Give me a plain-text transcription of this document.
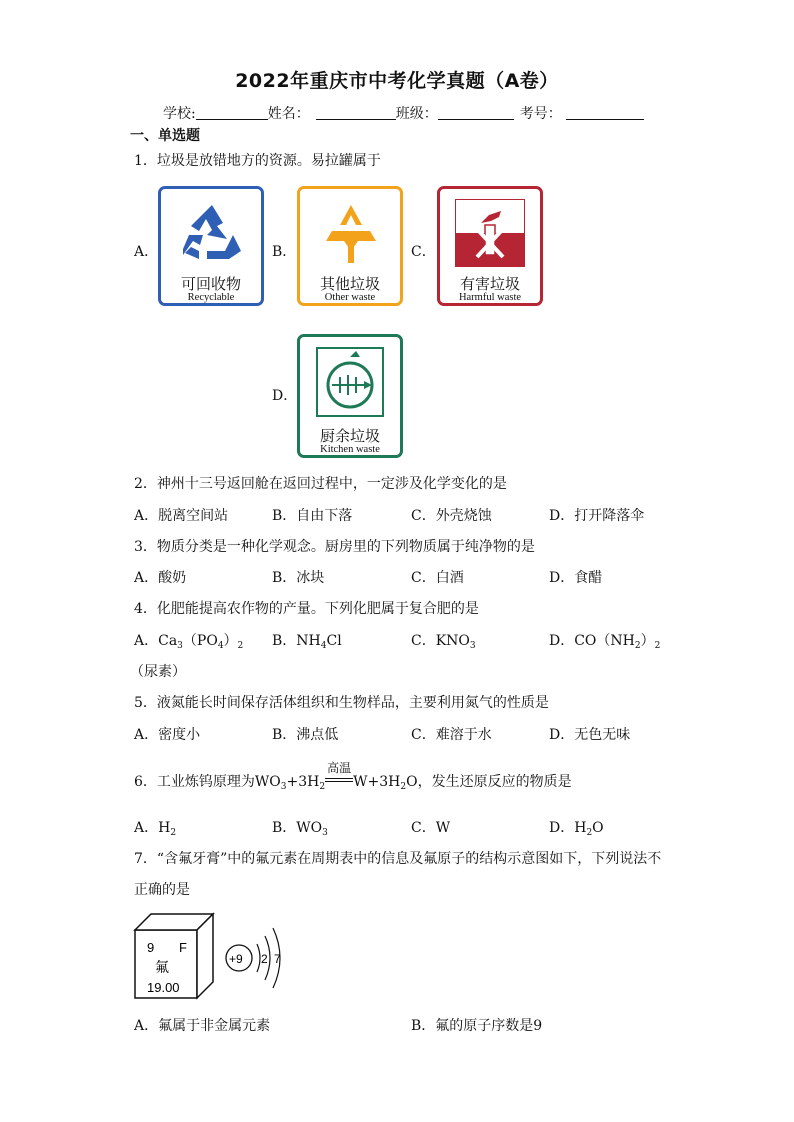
2022年重庆市中考化学真题（A卷）
学校:	姓名：	班级：	考号：
一、单选题
1．垃圾是放错地方的资源。易拉罐属于
A．
可回收物
Recyclable
B．
其他垃圾
Other waste
C．
有害垃圾
Harmful waste
D．
厨余垃圾
Kitchen waste
2．神州十三号返回舱在返回过程中，一定涉及化学变化的是
A．脱离空间站	B．自由下落	C．外壳烧蚀	D．打开降落伞
3．物质分类是一种化学观念。厨房里的下列物质属于纯净物的是
A．酸奶	B．冰块	C．白酒	D．食醋
4．化肥能提高农作物的产量。下列化肥属于复合肥的是
A．$Ca_3(PO_4)_2$ B．$NH_4Cl$	C．$KNO_3$	D．$CO(NH_2)_2$
（尿素）
5．液氮能长时间保存活体组织和生物样品，主要利用氮气的性质是
A．密度小	B．沸点低	C．难溶于水	D．无色无味
6．工业炼钨原理为$WO_3+3H_2$
高温
$W+3H_2O$，发生还原反应的物质是
A．$H_2$	B．$WO_3$	C．W	D．$H_2O$
7．“含氟牙膏”中的氟元素在周期表中的信息及氟原子的结构示意图如下，下列说法不
正确的是
9 F
氟
19.00
+9 2 7
A．氟属于非金属元素	B．氟的原子序数是9
